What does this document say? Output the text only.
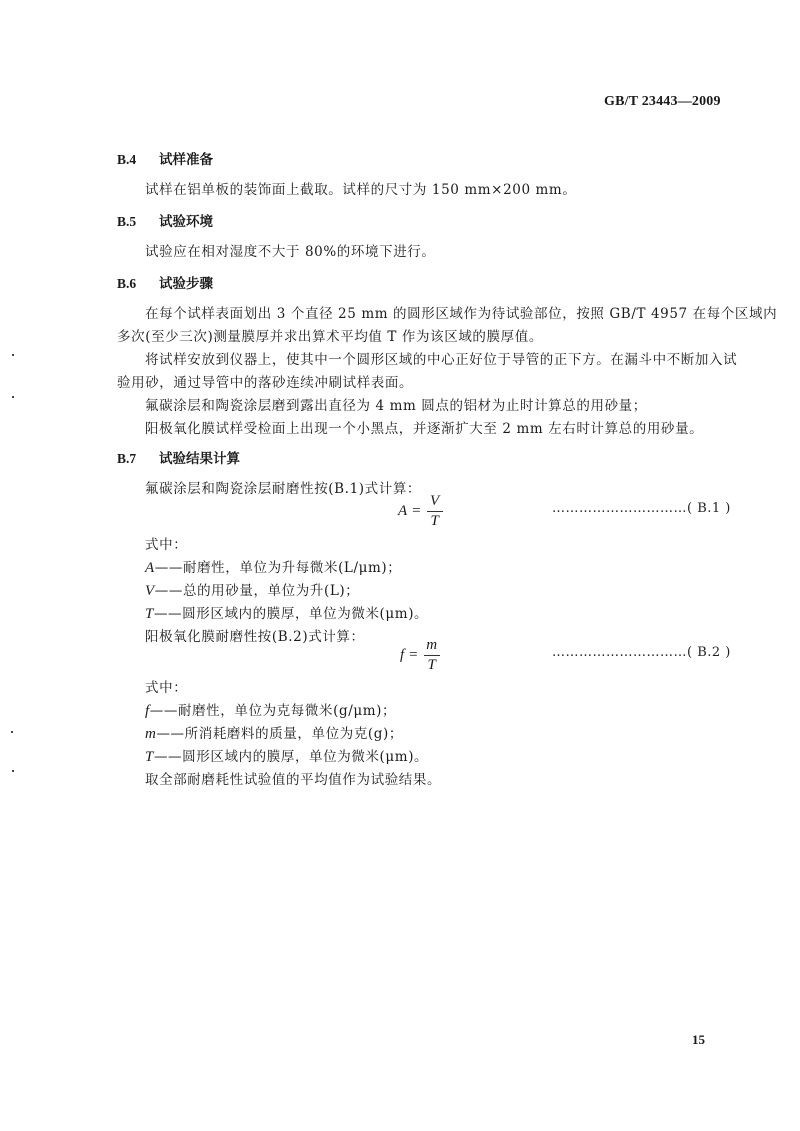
GB/T 23443—2009
B.4 试样准备
试样在铝单板的装饰面上截取。试样的尺寸为 150 mm×200 mm。
B.5 试验环境
试验应在相对湿度不大于 80%的环境下进行。
B.6 试验步骤
在每个试样表面划出 3 个直径 25 mm 的圆形区域作为待试验部位，按照 GB/T 4957 在每个区域内
多次(至少三次)测量膜厚并求出算术平均值 T 作为该区域的膜厚值。
将试样安放到仪器上，使其中一个圆形区域的中心正好位于导管的正下方。在漏斗中不断加入试
验用砂，通过导管中的落砂连续冲刷试样表面。
氟碳涂层和陶瓷涂层磨到露出直径为 4 mm 圆点的铝材为止时计算总的用砂量；
阳极氧化膜试样受检面上出现一个小黑点，并逐渐扩大至 2 mm 左右时计算总的用砂量。
B.7 试验结果计算
氟碳涂层和陶瓷涂层耐磨性按(B.1)式计算：
$A = \frac{V}{T}$	…………………………( B.1 )
式中：
A——耐磨性，单位为升每微米(L/μm)；
V——总的用砂量，单位为升(L)；
T——圆形区域内的膜厚，单位为微米(μm)。
阳极氧化膜耐磨性按(B.2)式计算：
$f = \frac{m}{T}$	…………………………( B.2 )
式中：
f——耐磨性，单位为克每微米(g/μm)；
m——所消耗磨料的质量，单位为克(g)；
T——圆形区域内的膜厚，单位为微米(μm)。
取全部耐磨耗性试验值的平均值作为试验结果。
15
